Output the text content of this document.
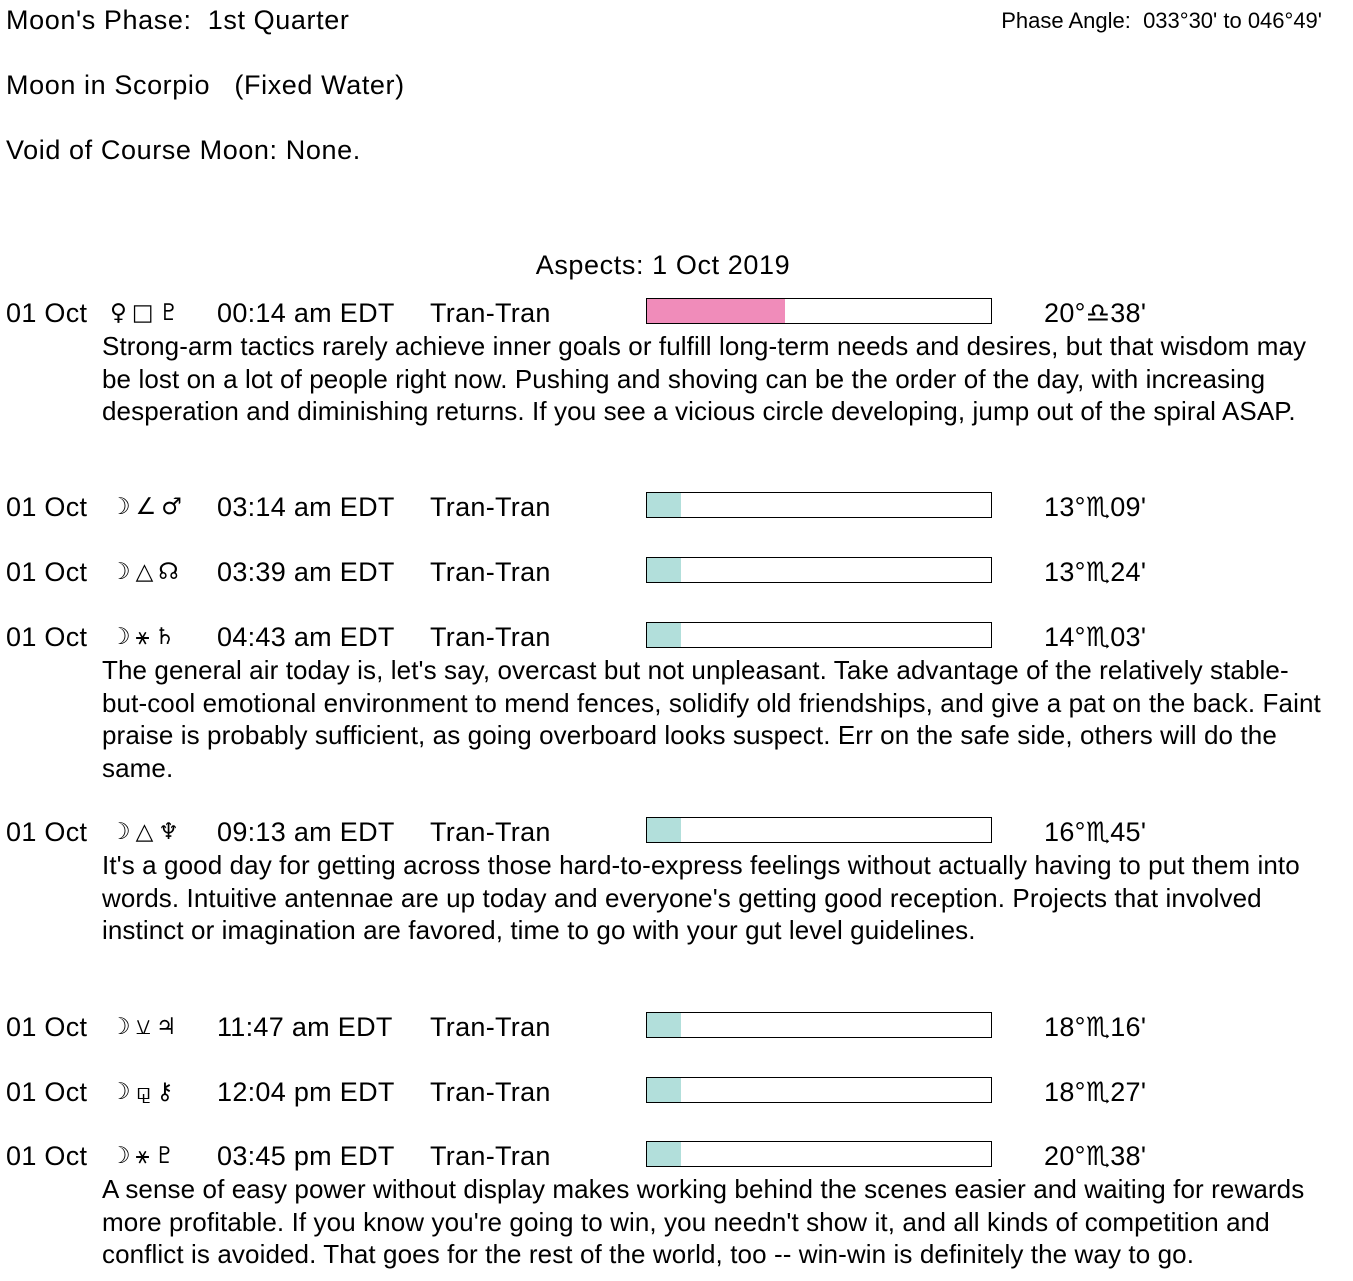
Moon's Phase:  1st Quarter	Phase Angle:  033°30' to 046°49'
Moon in Scorpio   (Fixed Water)
Void of Course Moon: None.
Aspects: 1 Oct 2019
01 Oct ♀□♇ 00:14 am EDT Tran-Tran	20°♎38'

Strong-arm tactics rarely achieve inner goals or fulfill long-term needs and desires, but that wisdom may be lost on a lot of people right now. Pushing and shoving can be the order of the day, with increasing desperation and diminishing returns. If you see a vicious circle developing, jump out of the spiral ASAP.

01 Oct ☽∠♂ 03:14 am EDT Tran-Tran	13°♏09'
01 Oct ☽△☊ 03:39 am EDT Tran-Tran	13°♏24'
01 Oct ☽⚹♄ 04:43 am EDT Tran-Tran	14°♏03'

The general air today is, let's say, overcast but not unpleasant. Take advantage of the relatively stable-but-cool emotional environment to mend fences, solidify old friendships, and give a pat on the back. Faint praise is probably sufficient, as going overboard looks suspect. Err on the safe side, others will do the same.

01 Oct ☽△♆ 09:13 am EDT Tran-Tran	16°♏45'

It's a good day for getting across those hard-to-express feelings without actually having to put them into words. Intuitive antennae are up today and everyone's getting good reception. Projects that involved instinct or imagination are favored, time to go with your gut level guidelines.

01 Oct ☽⚺♃ 11:47 am EDT Tran-Tran	18°♏16'
01 Oct ☽⚼⚷ 12:04 pm EDT Tran-Tran	18°♏27'
01 Oct ☽⚹♇ 03:45 pm EDT Tran-Tran	20°♏38'

A sense of easy power without display makes working behind the scenes easier and waiting for rewards more profitable. If you know you're going to win, you needn't show it, and all kinds of competition and conflict is avoided. That goes for the rest of the world, too -- win-win is definitely the way to go.
